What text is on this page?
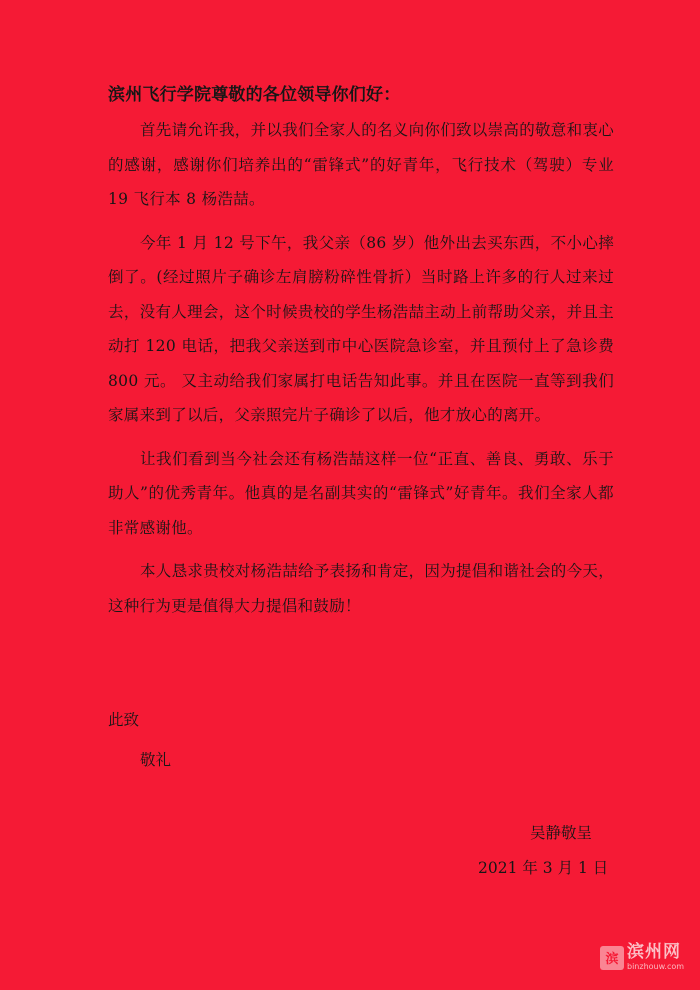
滨州飞行学院尊敬的各位领导你们好：

首先请允许我，并以我们全家人的名义向你们致以崇高的敬意和衷心的感谢，感谢你们培养出的“雷锋式”的好青年，飞行技术（驾驶）专业 19 飞行本 8 杨浩喆。

今年 1 月 12 号下午，我父亲（86 岁）他外出去买东西，不小心摔倒了。(经过照片子确诊左肩膀粉碎性骨折）当时路上许多的行人过来过去，没有人理会，这个时候贵校的学生杨浩喆主动上前帮助父亲，并且主动打 120 电话，把我父亲送到市中心医院急诊室，并且预付上了急诊费 800 元。 又主动给我们家属打电话告知此事。并且在医院一直等到我们家属来到了以后，父亲照完片子确诊了以后，他才放心的离开。

让我们看到当今社会还有杨浩喆这样一位“正直、善良、勇敢、乐于助人”的优秀青年。他真的是名副其实的“雷锋式”好青年。我们全家人都非常感谢他。

本人恳求贵校对杨浩喆给予表扬和肯定，因为提倡和谐社会的今天，这种行为更是值得大力提倡和鼓励！

此致
敬礼
吴静敬呈
2021 年 3 月 1 日
滨 滨州网
binzhouw.com
